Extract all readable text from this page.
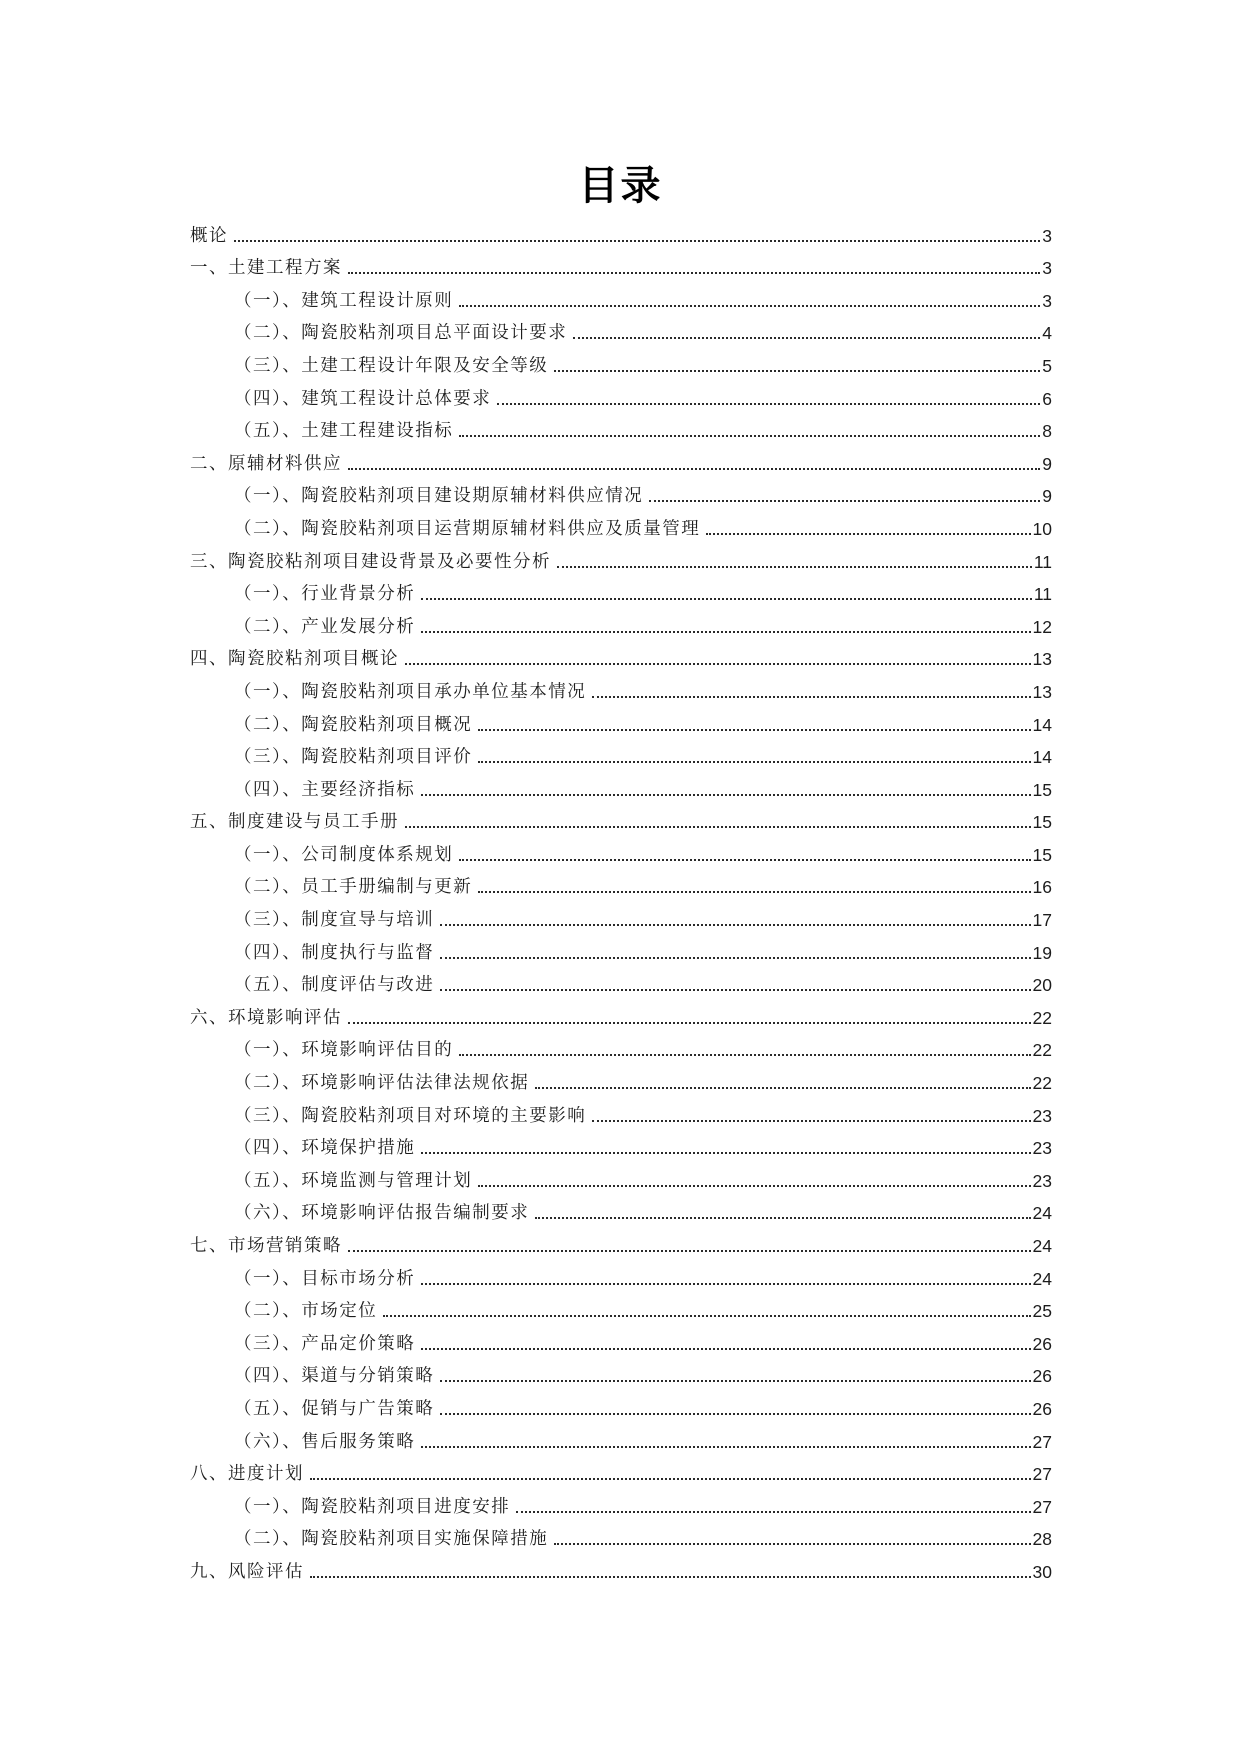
目录
概论	3
一、土建工程方案	3
（一）、建筑工程设计原则	3
（二）、陶瓷胶粘剂项目总平面设计要求	4
（三）、土建工程设计年限及安全等级	5
（四）、建筑工程设计总体要求	6
（五）、土建工程建设指标	8
二、原辅材料供应	9
（一）、陶瓷胶粘剂项目建设期原辅材料供应情况	9
（二）、陶瓷胶粘剂项目运营期原辅材料供应及质量管理	10
三、陶瓷胶粘剂项目建设背景及必要性分析	11
（一）、行业背景分析	11
（二）、产业发展分析	12
四、陶瓷胶粘剂项目概论	13
（一）、陶瓷胶粘剂项目承办单位基本情况	13
（二）、陶瓷胶粘剂项目概况	14
（三）、陶瓷胶粘剂项目评价	14
（四）、主要经济指标	15
五、制度建设与员工手册	15
（一）、公司制度体系规划	15
（二）、员工手册编制与更新	16
（三）、制度宣导与培训	17
（四）、制度执行与监督	19
（五）、制度评估与改进	20
六、环境影响评估	22
（一）、环境影响评估目的	22
（二）、环境影响评估法律法规依据	22
（三）、陶瓷胶粘剂项目对环境的主要影响	23
（四）、环境保护措施	23
（五）、环境监测与管理计划	23
（六）、环境影响评估报告编制要求	24
七、市场营销策略	24
（一）、目标市场分析	24
（二）、市场定位	25
（三）、产品定价策略	26
（四）、渠道与分销策略	26
（五）、促销与广告策略	26
（六）、售后服务策略	27
八、进度计划	27
（一）、陶瓷胶粘剂项目进度安排	27
（二）、陶瓷胶粘剂项目实施保障措施	28
九、风险评估	30
